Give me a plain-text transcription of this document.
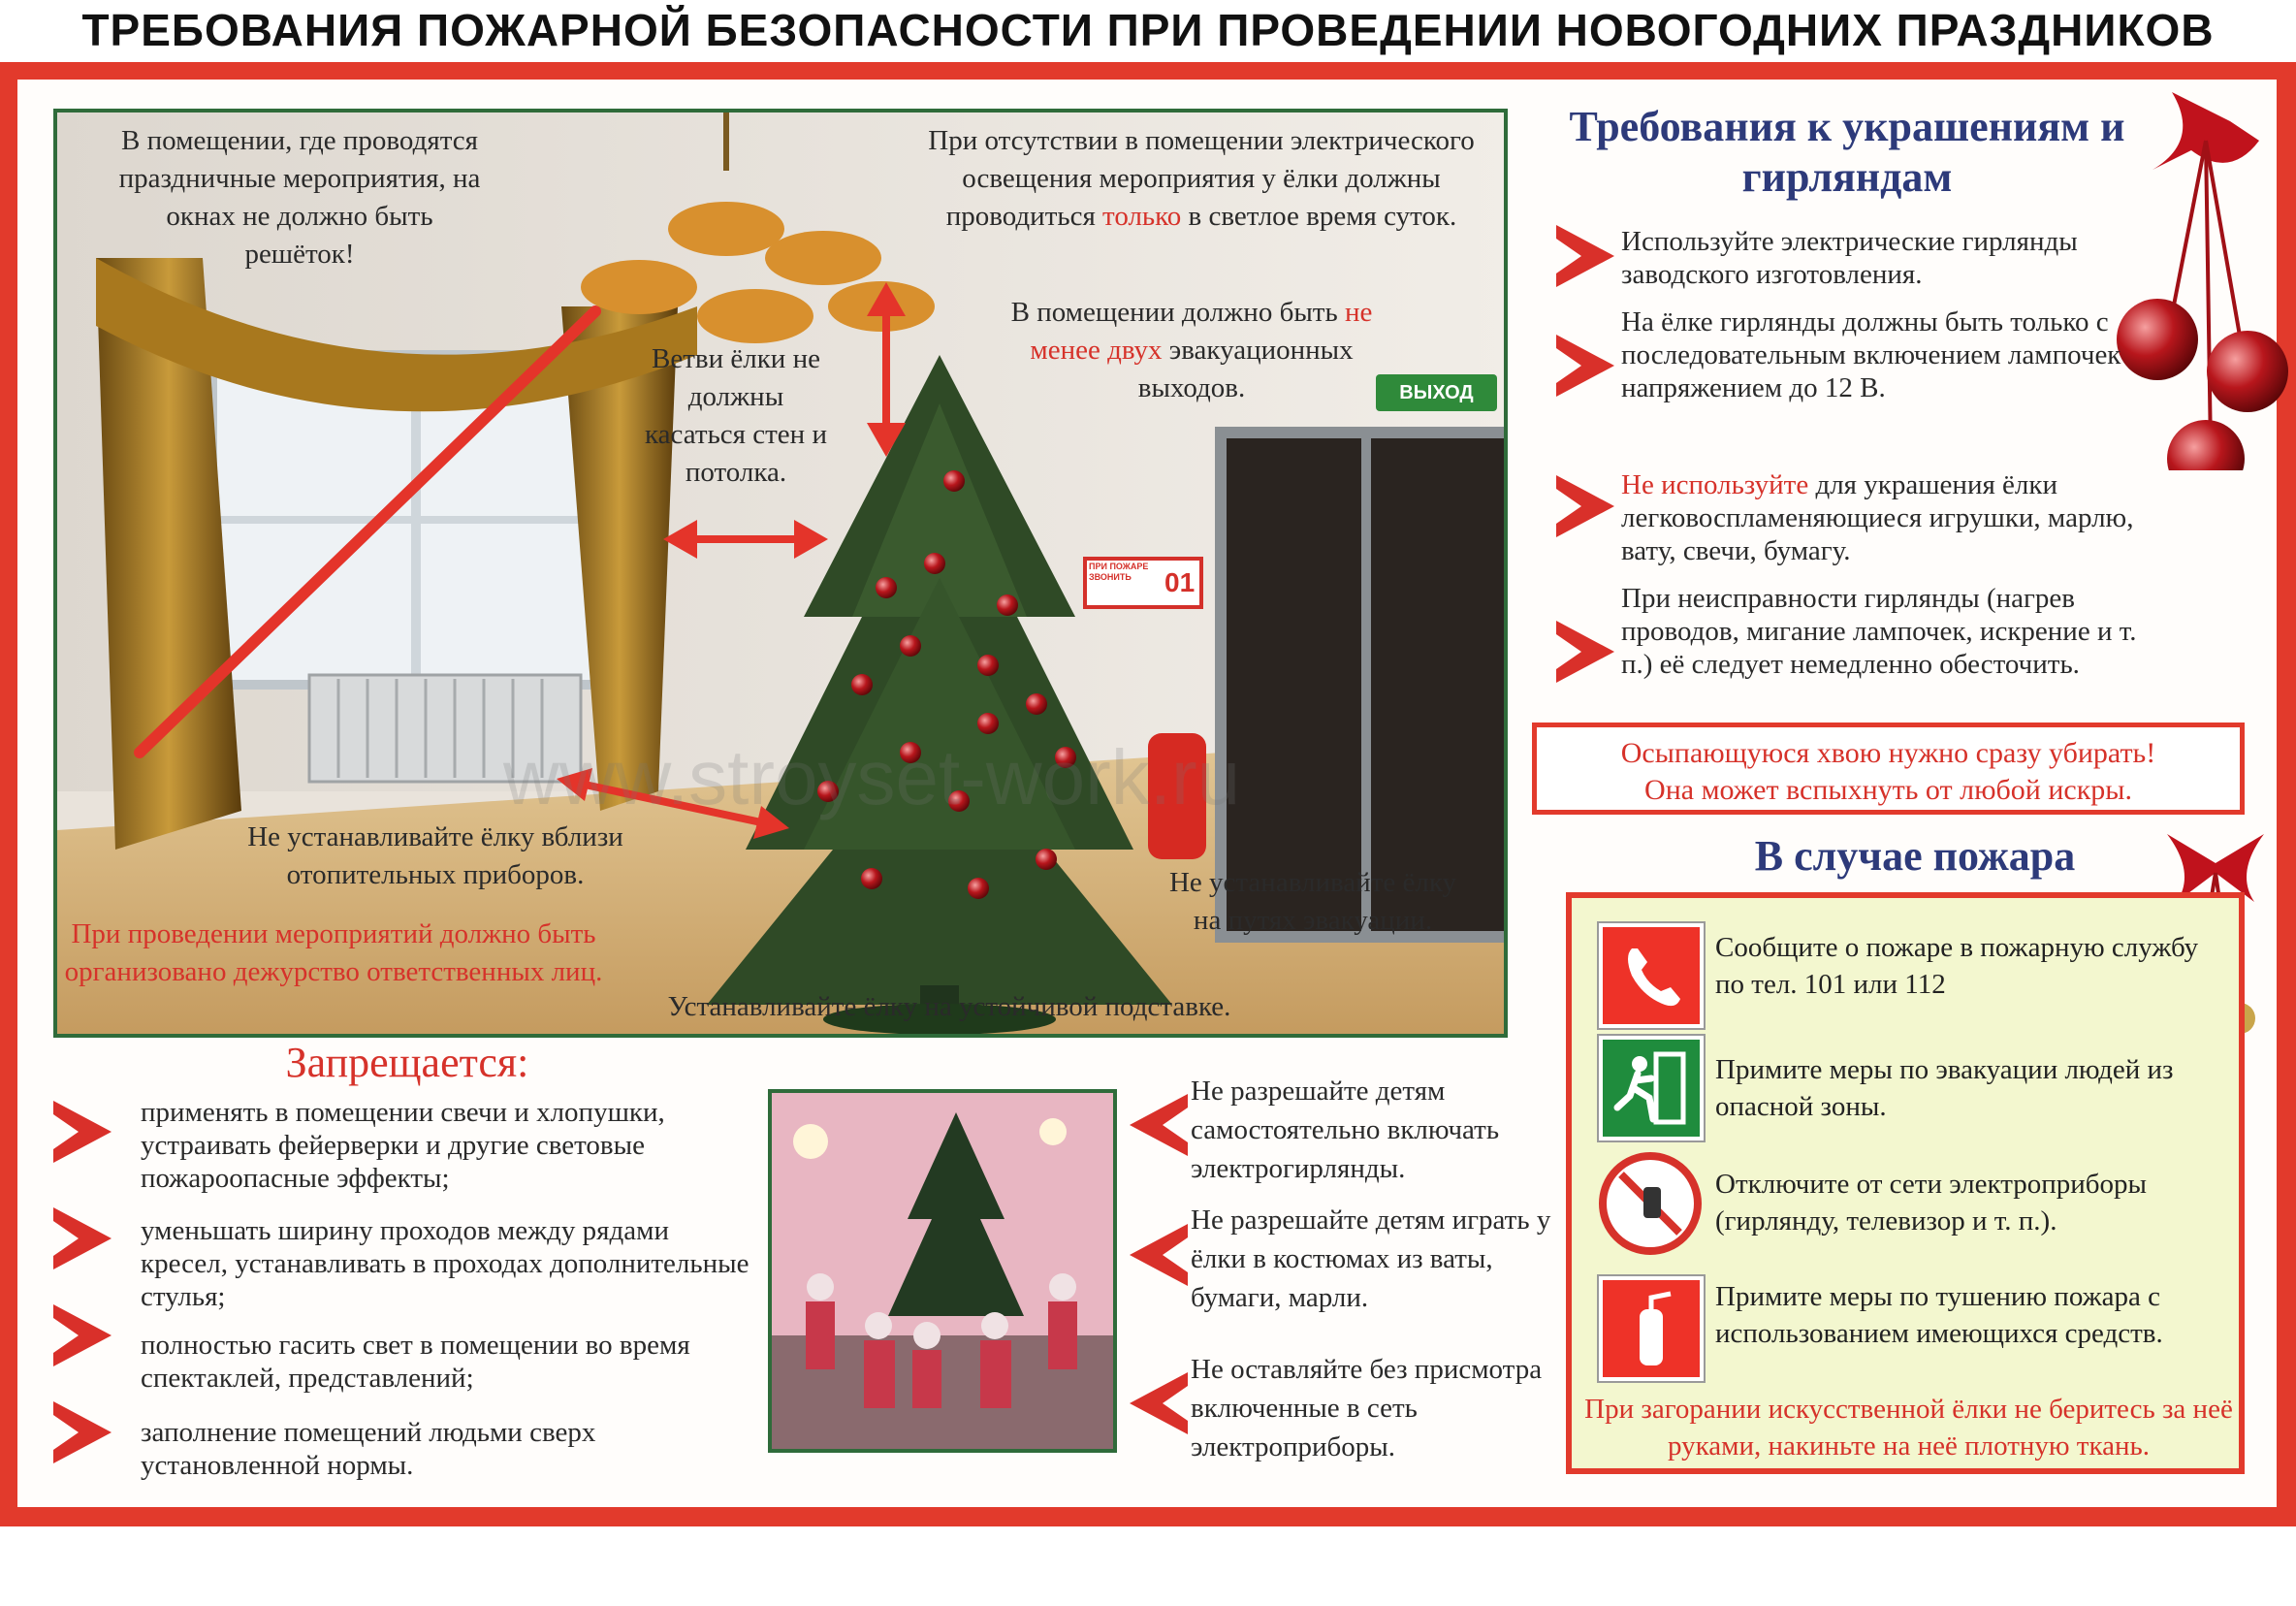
ТРЕБОВАНИЯ ПОЖАРНОЙ БЕЗОПАСНОСТИ ПРИ ПРОВЕДЕНИИ НОВОГОДНИХ ПРАЗДНИКОВ
В помещении, где проводятся праздничные мероприятия, на окнах не должно быть решёток!
При отсутствии в помещении электрического освещения мероприятия у ёлки должны проводиться только в светлое время суток.
Ветви ёлки не должны касаться стен и потолка.
В помещении должно быть не менее двух эвакуационных выходов.	ВЫХОД
ПРИ ПОЖАРЕ ЗВОНИТЬ	01
www.stroyset-work.ru
Не устанавливайте ёлку вблизи отопительных приборов.
При проведении мероприятий должно быть организовано дежурство ответственных лиц.
Не устанавливайте ёлку на путях эвакуации.
Устанавливайте ёлку на устойчивой подставке.
Требования к украшениям и гирляндам
Используйте электрические гирлянды заводского изготовления.
На ёлке гирлянды должны быть только с последовательным включением лампочек напряжением до 12 В.
Не используйте для украшения ёлки легковоспламеняющиеся игрушки, марлю, вату, свечи, бумагу.
При неисправности гирлянды (нагрев проводов, мигание лампочек, искрение и т. п.) её следует немедленно обесточить.
Осыпающуюся хвою нужно сразу убирать!
Она может вспыхнуть от любой искры.
В случае пожара
Сообщите о пожаре в пожарную службу по тел. 101 или 112
Примите меры по эвакуации людей из опасной зоны.
Отключите от сети электроприборы (гирлянду, телевизор и т. п.).
Примите меры по тушению пожара с использованием имеющихся средств.
При загорании искусственной ёлки не беритесь за неё руками, накиньте на неё плотную ткань.
Запрещается:
применять в помещении свечи и хлопушки, устраивать фейерверки и другие световые пожароопасные эффекты;
уменьшать ширину проходов между рядами кресел, устанавливать в проходах дополнительные стулья;
полностью гасить свет в помещении во время спектаклей, представлений;
заполнение помещений людьми сверх установленной нормы.
Не разрешайте детям самостоятельно включать электрогирлянды.
Не разрешайте детям играть у ёлки в костюмах из ваты, бумаги, марли.
Не оставляйте без присмотра включенные в сеть электроприборы.
